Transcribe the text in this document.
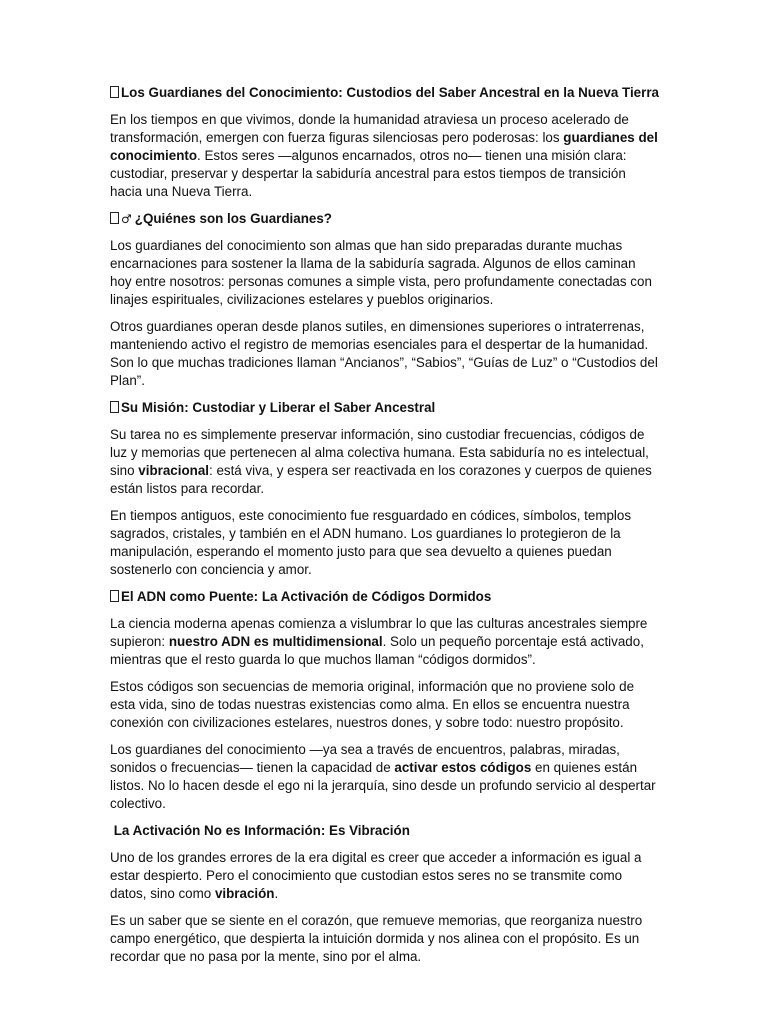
Los Guardianes del Conocimiento: Custodios del Saber Ancestral en la Nueva Tierra

En los tiempos en que vivimos, donde la humanidad atraviesa un proceso acelerado de transformación, emergen con fuerza figuras silenciosas pero poderosas: los guardianes del conocimiento. Estos seres —algunos encarnados, otros no— tienen una misión clara: custodiar, preservar y despertar la sabiduría ancestral para estos tiempos de transición hacia una Nueva Tierra.

♂ ¿Quiénes son los Guardianes?

Los guardianes del conocimiento son almas que han sido preparadas durante muchas encarnaciones para sostener la llama de la sabiduría sagrada. Algunos de ellos caminan hoy entre nosotros: personas comunes a simple vista, pero profundamente conectadas con linajes espirituales, civilizaciones estelares y pueblos originarios.

Otros guardianes operan desde planos sutiles, en dimensiones superiores o intraterrenas, manteniendo activo el registro de memorias esenciales para el despertar de la humanidad. Son lo que muchas tradiciones llaman “Ancianos”, “Sabios”, “Guías de Luz” o “Custodios del Plan”.

Su Misión: Custodiar y Liberar el Saber Ancestral

Su tarea no es simplemente preservar información, sino custodiar frecuencias, códigos de luz y memorias que pertenecen al alma colectiva humana. Esta sabiduría no es intelectual, sino vibracional: está viva, y espera ser reactivada en los corazones y cuerpos de quienes están listos para recordar.

En tiempos antiguos, este conocimiento fue resguardado en códices, símbolos, templos sagrados, cristales, y también en el ADN humano. Los guardianes lo protegieron de la manipulación, esperando el momento justo para que sea devuelto a quienes puedan sostenerlo con conciencia y amor.

El ADN como Puente: La Activación de Códigos Dormidos

La ciencia moderna apenas comienza a vislumbrar lo que las culturas ancestrales siempre supieron: nuestro ADN es multidimensional. Solo un pequeño porcentaje está activado, mientras que el resto guarda lo que muchos llaman “códigos dormidos”.

Estos códigos son secuencias de memoria original, información que no proviene solo de esta vida, sino de todas nuestras existencias como alma. En ellos se encuentra nuestra conexión con civilizaciones estelares, nuestros dones, y sobre todo: nuestro propósito.

Los guardianes del conocimiento —ya sea a través de encuentros, palabras, miradas, sonidos o frecuencias— tienen la capacidad de activar estos códigos en quienes están listos. No lo hacen desde el ego ni la jerarquía, sino desde un profundo servicio al despertar colectivo.

La Activación No es Información: Es Vibración

Uno de los grandes errores de la era digital es creer que acceder a información es igual a estar despierto. Pero el conocimiento que custodian estos seres no se transmite como datos, sino como vibración.

Es un saber que se siente en el corazón, que remueve memorias, que reorganiza nuestro campo energético, que despierta la intuición dormida y nos alinea con el propósito. Es un recordar que no pasa por la mente, sino por el alma.
